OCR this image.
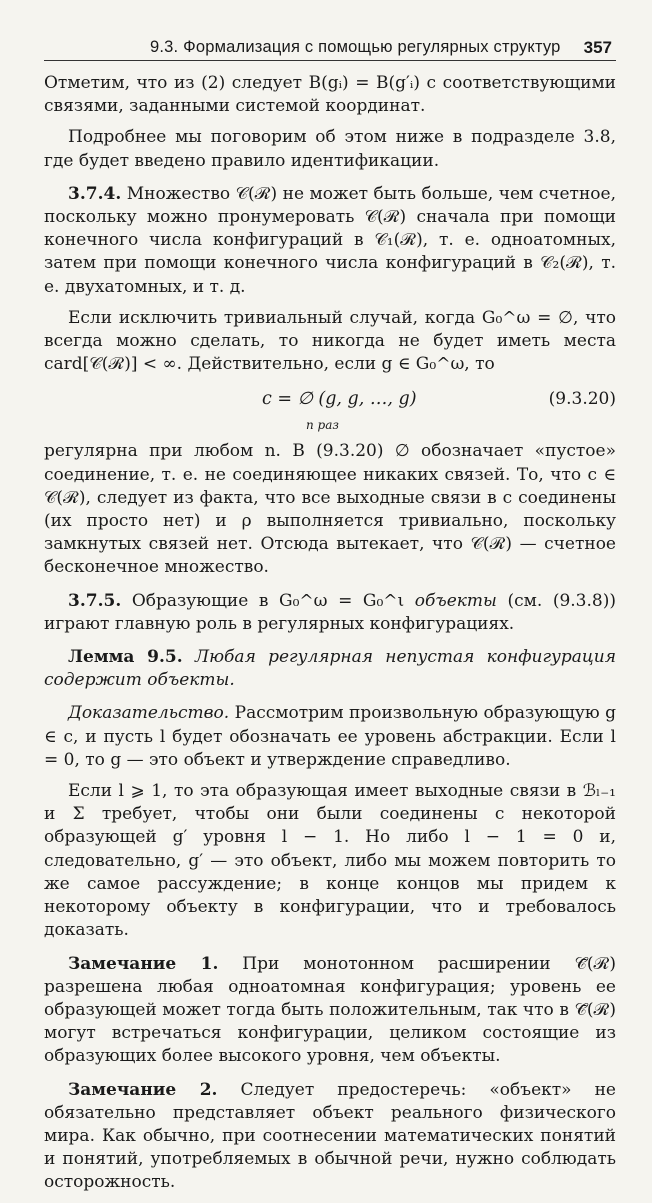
9.3. Формализация с помощью регулярных структур 357

Отметим, что из (2) следует B(gᵢ) = B(g′ᵢ) с соответствующими связями, заданными системой координат.

Подробнее мы поговорим об этом ниже в подразделе 3.8, где будет введено правило идентификации.

3.7.4. Множество 𝒞(ℛ) не может быть больше, чем счетное, поскольку можно пронумеровать 𝒞(ℛ) сначала при помощи конечного числа конфигураций в 𝒞₁(ℛ), т. е. одноатомных, затем при помощи конечного числа конфигураций в 𝒞₂(ℛ), т. е. двухатомных, и т. д.

Если исключить тривиальный случай, когда G₀^ω = ∅, что всегда можно сделать, то никогда не будет иметь места card[𝒞(ℛ)] < ∞. Действительно, если g ∈ G₀^ω, то

c = ∅ (g, g, …, g)
n раз
(9.3.20)

регулярна при любом n. В (9.3.20) ∅ обозначает «пустое» соединение, т. е. не соединяющее никаких связей. То, что c ∈ 𝒞(ℛ), следует из факта, что все выходные связи в c соединены (их просто нет) и ρ выполняется тривиально, поскольку замкнутых связей нет. Отсюда вытекает, что 𝒞(ℛ) — счетное бесконечное множество.

3.7.5. Образующие в G₀^ω = G₀^ι объекты (см. (9.3.8)) играют главную роль в регулярных конфигурациях.

Лемма 9.5. Любая регулярная непустая конфигурация содержит объекты.

Доказательство. Рассмотрим произвольную образующую g ∈ c, и пусть l будет обозначать ее уровень абстракции. Если l = 0, то g — это объект и утверждение справедливо.

Если l ⩾ 1, то эта образующая имеет выходные связи в ℬₗ₋₁ и Σ требует, чтобы они были соединены с некоторой образующей g′ уровня l − 1. Но либо l − 1 = 0 и, следовательно, g′ — это объект, либо мы можем повторить то же самое рассуждение; в конце концов мы придем к некоторому объекту в конфигурации, что и требовалось доказать.

Замечание 1. При монотонном расширении 𝒞̄(ℛ) разрешена любая одноатомная конфигурация; уровень ее образующей может тогда быть положительным, так что в 𝒞̄(ℛ) могут встречаться конфигурации, целиком состоящие из образующих более высокого уровня, чем объекты.

Замечание 2. Следует предостеречь: «объект» не обязательно представляет объект реального физического мира. Как обычно, при соотнесении математических понятий и понятий, употребляемых в обычной речи, нужно соблюдать осторожность.
